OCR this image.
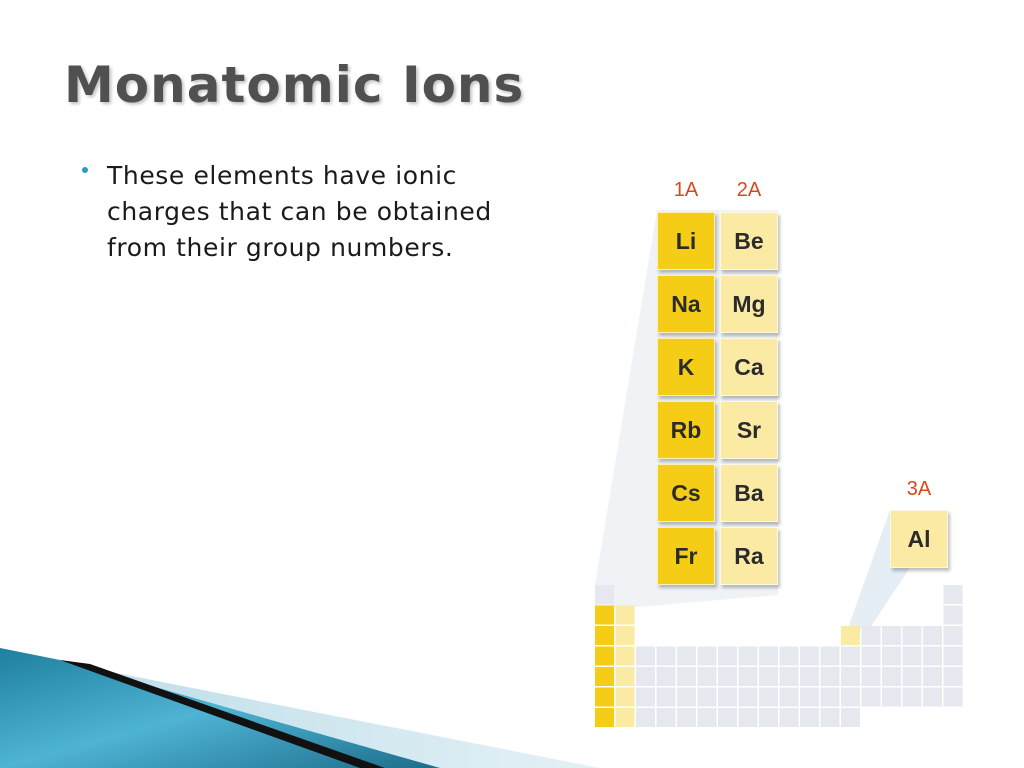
Monatomic Ions
These elements have ionic charges that can be obtained from their group numbers.
1A	2A
3A
Li
Na
K
Rb
Cs
Fr
Be
Mg
Ca
Sr
Ba
Ra
Al
